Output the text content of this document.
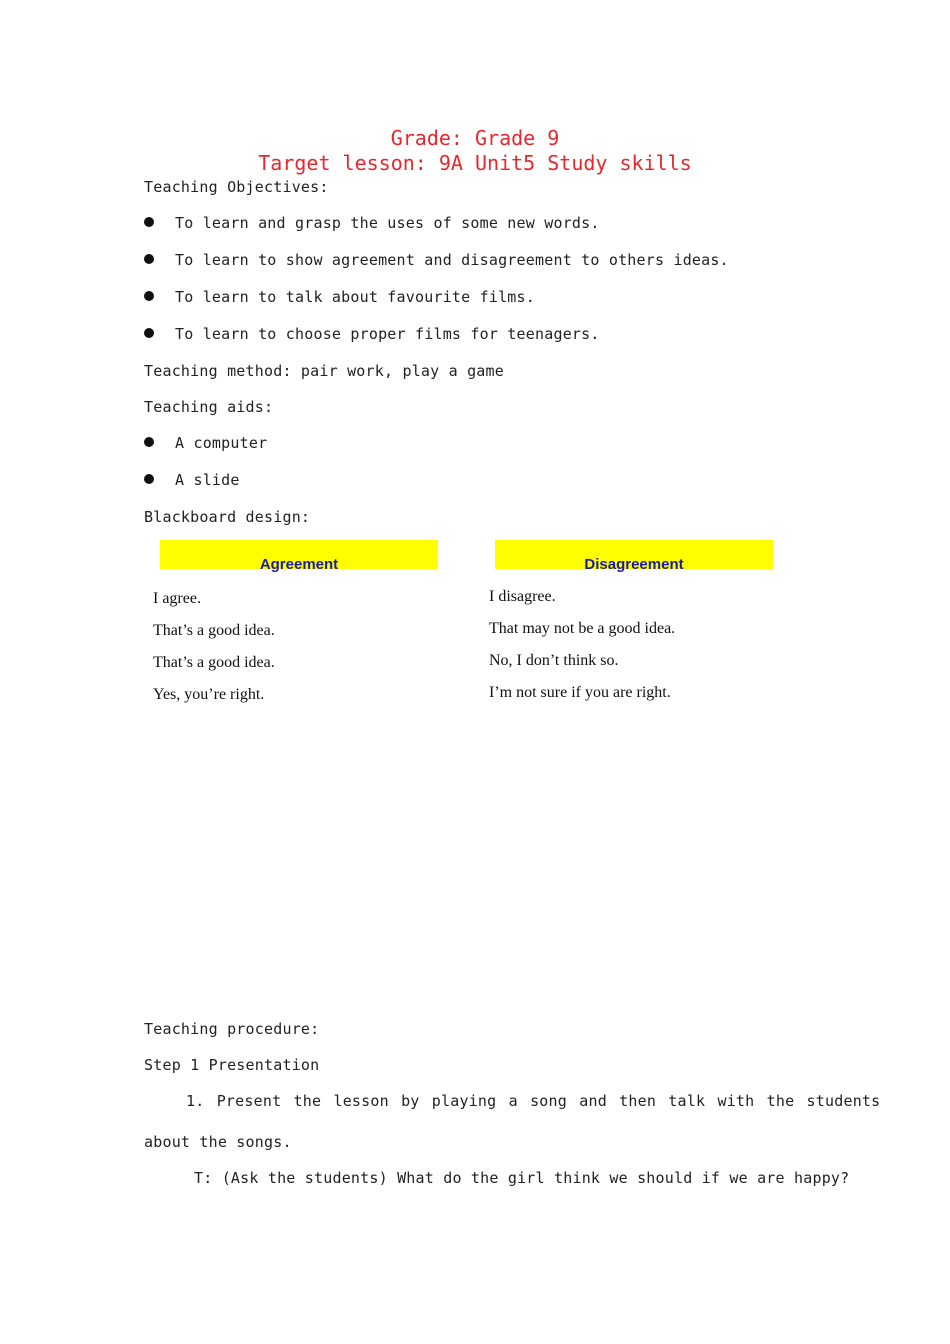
Grade: Grade 9
Target lesson: 9A Unit5 Study skills
Teaching Objectives:
To learn and grasp the uses of some new words.
To learn to show agreement and disagreement to others ideas.
To learn to talk about favourite films.
To learn to choose proper films for teenagers.
Teaching method: pair work, play a game
Teaching aids:
A computer
A slide
Blackboard design:
Agreement	Disagreement
I agree.
That’s a good idea.
That’s a good idea.
Yes, you’re right.
I disagree.
That may not be a good idea.
No, I don’t think so.
I’m not sure if you are right.
Teaching procedure:
Step 1 Presentation
1. Present the lesson by playing a song and then talk with the students
about the songs.
T: (Ask the students) What do the girl think we should if we are happy?
